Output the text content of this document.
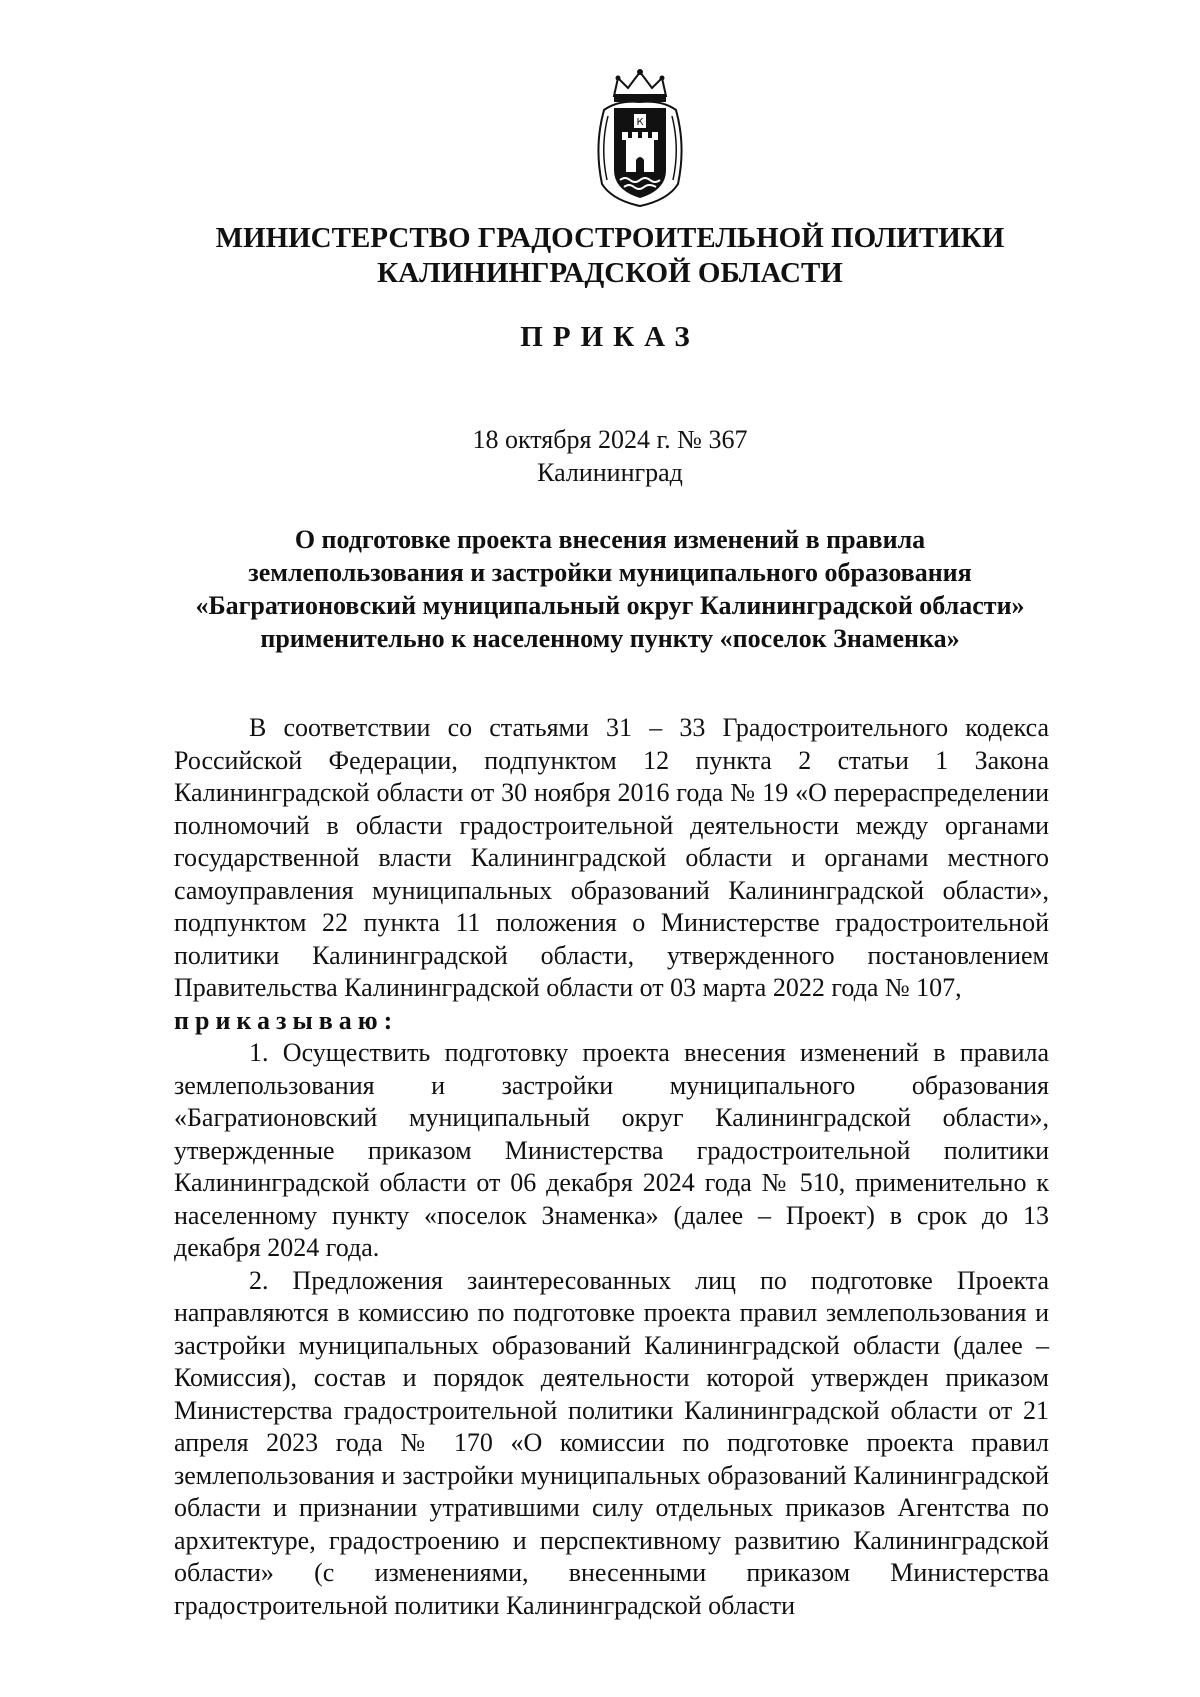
К
МИНИСТЕРСТВО ГРАДОСТРОИТЕЛЬНОЙ ПОЛИТИКИ
КАЛИНИНГРАДСКОЙ ОБЛАСТИ
ПРИКАЗ
18 октября 2024 г. № 367
Калининград
О подготовке проекта внесения изменений в правила
землепользования и застройки муниципального образования
«Багратионовский муниципальный округ Калининградской области»
применительно к населенному пункту «поселок Знаменка»

В соответствии со статьями 31 – 33 Градостроительного кодекса Российской Федерации, подпунктом 12 пункта 2 статьи 1 Закона Калининградской области от 30 ноября 2016 года № 19 «О перераспределении полномочий в области градостроительной деятельности между органами государственной власти Калининградской области и органами местного самоуправления муниципальных образований Калининградской области», подпунктом 22 пункта 11 положения о Министерстве градостроительной политики Калининградской области, утвержденного постановлением Правительства Калининградской области от 03 марта 2022 года № 107,

приказываю:

1. Осуществить подготовку проекта внесения изменений в правила землепользования и застройки муниципального образования «Багратионовский муниципальный округ Калининградской области», утвержденные приказом Министерства градостроительной политики Калининградской области от 06 декабря 2024 года № 510, применительно к населенному пункту «поселок Знаменка» (далее – Проект) в срок до 13 декабря 2024 года.

2. Предложения заинтересованных лиц по подготовке Проекта направляются в комиссию по подготовке проекта правил землепользования и застройки муниципальных образований Калининградской области (далее – Комиссия), состав и порядок деятельности которой утвержден приказом Министерства градостроительной политики Калининградской области от 21 апреля 2023 года № 170 «О комиссии по подготовке проекта правил землепользования и застройки муниципальных образований Калининградской области и признании утратившими силу отдельных приказов Агентства по архитектуре, градостроению и перспективному развитию Калининградской области» (с изменениями, внесенными приказом Министерства градостроительной политики Калининградской области
